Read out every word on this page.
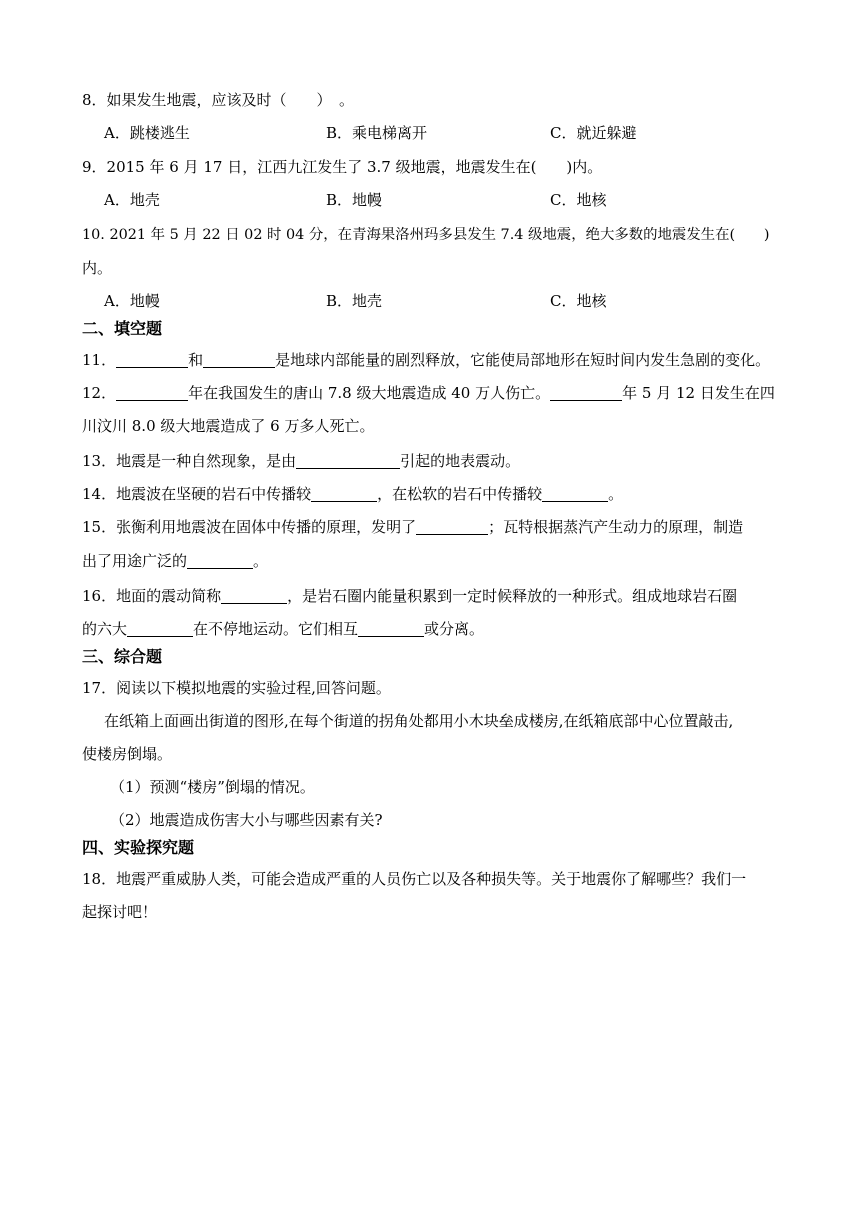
8．如果发生地震，应该及时（　　）　。
A．跳楼逃生	B．乘电梯离开	C．就近躲避
9．2015 年 6 月 17 日，江西九江发生了 3.7 级地震，地震发生在(　　)内。
A．地壳	B．地幔	C．地核
10. 2021 年 5 月 22 日 02 时 04 分，在青海果洛州玛多县发生 7.4 级地震，绝大多数的地震发生在(　　)
内。
A．地幔	B．地壳	C．地核
二、填空题
11．	和	是地球内部能量的剧烈释放，它能使局部地形在短时间内发生急剧的变化。
12．	年在我国发生的唐山 7.8 级大地震造成 40 万人伤亡。	年 5 月 12 日发生在四
川汶川 8.0 级大地震造成了 6 万多人死亡。
13．地震是一种自然现象，是由	引起的地表震动。
14．地震波在坚硬的岩石中传播较	，在松软的岩石中传播较	。
15．张衡利用地震波在固体中传播的原理，发明了	；瓦特根据蒸汽产生动力的原理，制造
出了用途广泛的	。
16．地面的震动简称	，是岩石圈内能量积累到一定时候释放的一种形式。组成地球岩石圈
的六大	在不停地运动。它们相互	或分离。
三、综合题
17．阅读以下模拟地震的实验过程,回答问题。
在纸箱上面画出街道的图形,在每个街道的拐角处都用小木块垒成楼房,在纸箱底部中心位置敲击,
使楼房倒塌。
（1）预测“楼房”倒塌的情况。
（2）地震造成伤害大小与哪些因素有关?
四、实验探究题
18．地震严重威胁人类，可能会造成严重的人员伤亡以及各种损失等。关于地震你了解哪些？我们一
起探讨吧！
